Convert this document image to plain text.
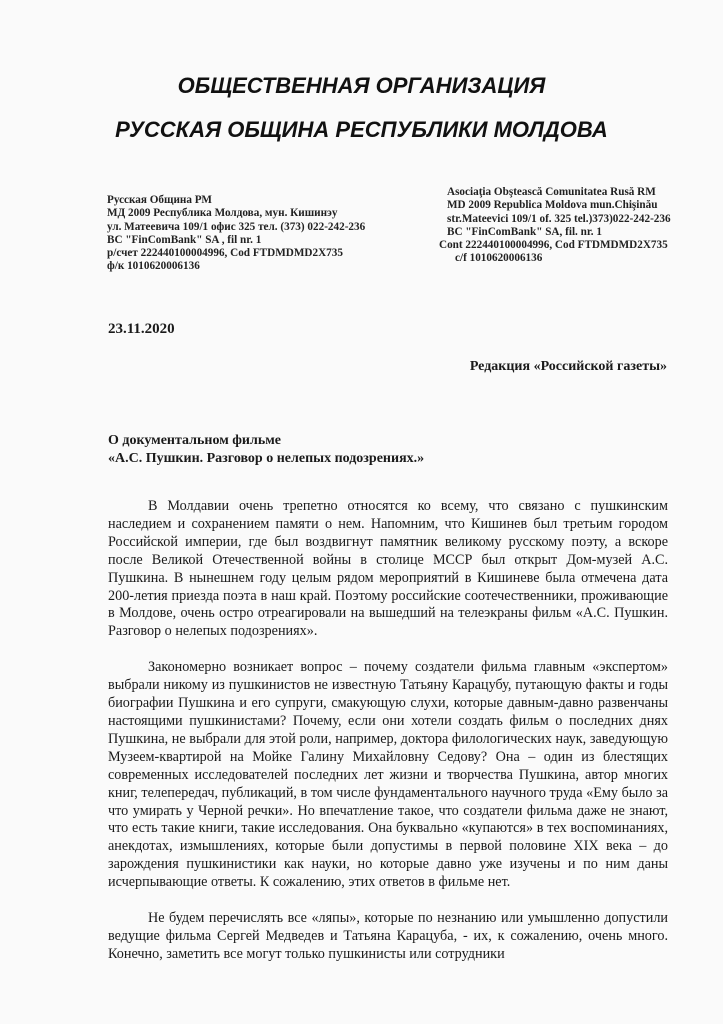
ОБЩЕСТВЕННАЯ ОРГАНИЗАЦИЯ
РУССКАЯ ОБЩИНА РЕСПУБЛИКИ МОЛДОВА
Русская Община РМ
МД 2009 Республика Молдова, мун. Кишинэу
ул. Матеевича 109/1 офис 325 тел. (373) 022-242-236
BC "FinComBank" SA , fil nr. 1
р/счет 222440100004996, Cod FTDMDMD2X735
ф/к 1010620006136
Asociaţia Obştească Comunitatea Rusă RM
MD 2009 Republica Moldova mun.Chişinău
str.Mateevici 109/1 of. 325 tel.)373)022-242-236
BC "FinComBank" SA, fil. nr. 1
Cont 222440100004996, Cod FTDMDMD2X735
c/f 1010620006136
23.11.2020
Редакция «Российской газеты»
О документальном фильме
«А.С. Пушкин. Разговор о нелепых подозрениях.»

В Молдавии очень трепетно относятся ко всему, что связано с пушкинским наследием и сохранением памяти о нем. Напомним, что Кишинев был третьим городом Российской империи, где был воздвигнут памятник великому русскому поэту, а вскоре после Великой Отечественной войны в столице МССР был открыт Дом-музей А.С. Пушкина. В нынешнем году целым рядом мероприятий в Кишиневе была отмечена дата 200-летия приезда поэта в наш край. Поэтому российские соотечественники, проживающие в Молдове, очень остро отреагировали на вышедший на телеэкраны фильм «А.С. Пушкин. Разговор о нелепых подозрениях».

Закономерно возникает вопрос – почему создатели фильма главным «экспертом» выбрали никому из пушкинистов не известную Татьяну Карацубу, путающую факты и годы биографии Пушкина и его супруги, смакующую слухи, которые давным-давно развенчаны настоящими пушкинистами? Почему, если они хотели создать фильм о последних днях Пушкина, не выбрали для этой роли, например, доктора филологических наук, заведующую Музеем-квартирой на Мойке Галину Михайловну Седову? Она – один из блестящих современных исследователей последних лет жизни и творчества Пушкина, автор многих книг, телепередач, публикаций, в том числе фундаментального научного труда «Ему было за что умирать у Черной речки». Но впечатление такое, что создатели фильма даже не знают, что есть такие книги, такие исследования. Она буквально «купаются» в тех воспоминаниях, анекдотах, измышлениях, которые были допустимы в первой половине XIX века – до зарождения пушкинистики как науки, но которые давно уже изучены и по ним даны исчерпывающие ответы. К сожалению, этих ответов в фильме нет.

Не будем перечислять все «ляпы», которые по незнанию или умышленно допустили ведущие фильма Сергей Медведев и Татьяна Карацуба, - их, к сожалению, очень много. Конечно, заметить все могут только пушкинисты или сотрудники
